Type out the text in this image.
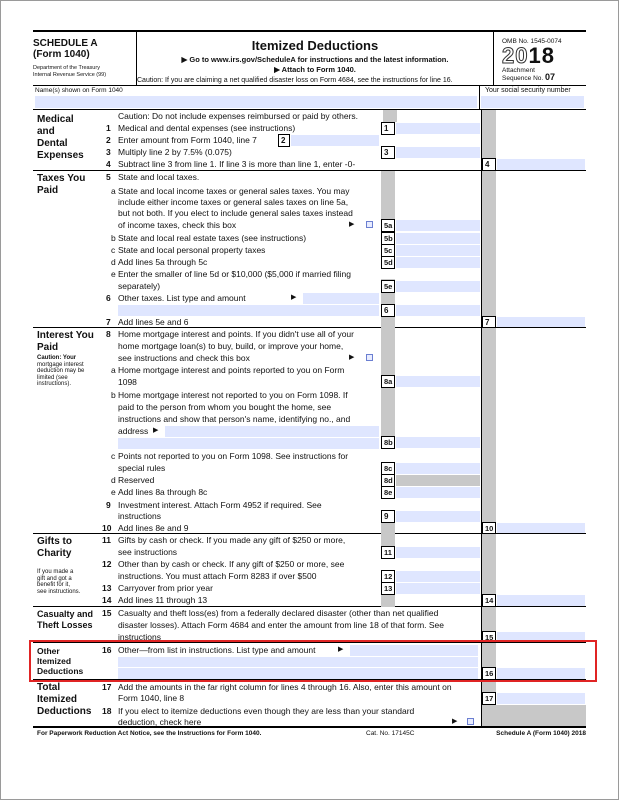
SCHEDULE A
(Form 1040)
Department of the Treasury
Internal Revenue Service (99)
Itemized Deductions
▶ Go to www.irs.gov/ScheduleA for instructions and the latest information.
▶ Attach to Form 1040.
Caution: If you are claiming a net qualified disaster loss on Form 4684, see the instructions for line 16.
OMB No. 1545-0074
2018
Attachment
Sequence No. 07
Name(s) shown on Form 1040	Your social security number
Medical
and
Dental
Expenses
Caution: Do not include expenses reimbursed or paid by others.
1 Medical and dental expenses (see instructions)	1
2 Enter amount from Form 1040, line 7	2
3 Multiply line 2 by 7.5% (0.075)	3
4 Subtract line 3 from line 1. If line 3 is more than line 1, enter -0-	4
Taxes You
Paid
5 State and local taxes.
a State and local income taxes or general sales taxes. You may
include either income taxes or general sales taxes on line 5a,
but not both. If you elect to include general sales taxes instead
of income taxes, check this box	▶	5a
b State and local real estate taxes (see instructions)	5b
c State and local personal property taxes	5c
d Add lines 5a through 5c	5d
e Enter the smaller of line 5d or $10,000 ($5,000 if married filing
separately)	5e
6 Other taxes. List type and amount	▶
6
7 Add lines 5e and 6	7
Interest You
Paid
Caution: Your
mortgage interest
deduction may be
limited (see
instructions).
8 Home mortgage interest and points. If you didn't use all of your
home mortgage loan(s) to buy, build, or improve your home,
see instructions and check this box	▶
a Home mortgage interest and points reported to you on Form
1098	8a
b Home mortgage interest not reported to you on Form 1098. If
paid to the person from whom you bought the home, see
instructions and show that person's name, identifying no., and
address ▶
8b
c Points not reported to you on Form 1098. See instructions for
special rules	8c
d Reserved	8d
e Add lines 8a through 8c	8e
9 Investment interest. Attach Form 4952 if required. See
instructions	9
10 Add lines 8e and 9	10
Gifts to
Charity
If you made a
gift and got a
benefit for it,
see instructions.
11 Gifts by cash or check. If you made any gift of $250 or more,
see instructions	11
12 Other than by cash or check. If any gift of $250 or more, see
instructions. You must attach Form 8283 if over $500	12
13 Carryover from prior year	13
14 Add lines 11 through 13	14
Casualty and
Theft Losses
15 Casualty and theft loss(es) from a federally declared disaster (other than net qualified
disaster losses). Attach Form 4684 and enter the amount from line 18 of that form. See
instructions	15
Other
Itemized
Deductions
16 Other—from list in instructions. List type and amount	▶
16
Total
Itemized
Deductions
17 Add the amounts in the far right column for lines 4 through 16. Also, enter this amount on
Form 1040, line 8	17
18 If you elect to itemize deductions even though they are less than your standard
deduction, check here	▶
For Paperwork Reduction Act Notice, see the Instructions for Form 1040.	Cat. No. 17145C	Schedule A (Form 1040) 2018
